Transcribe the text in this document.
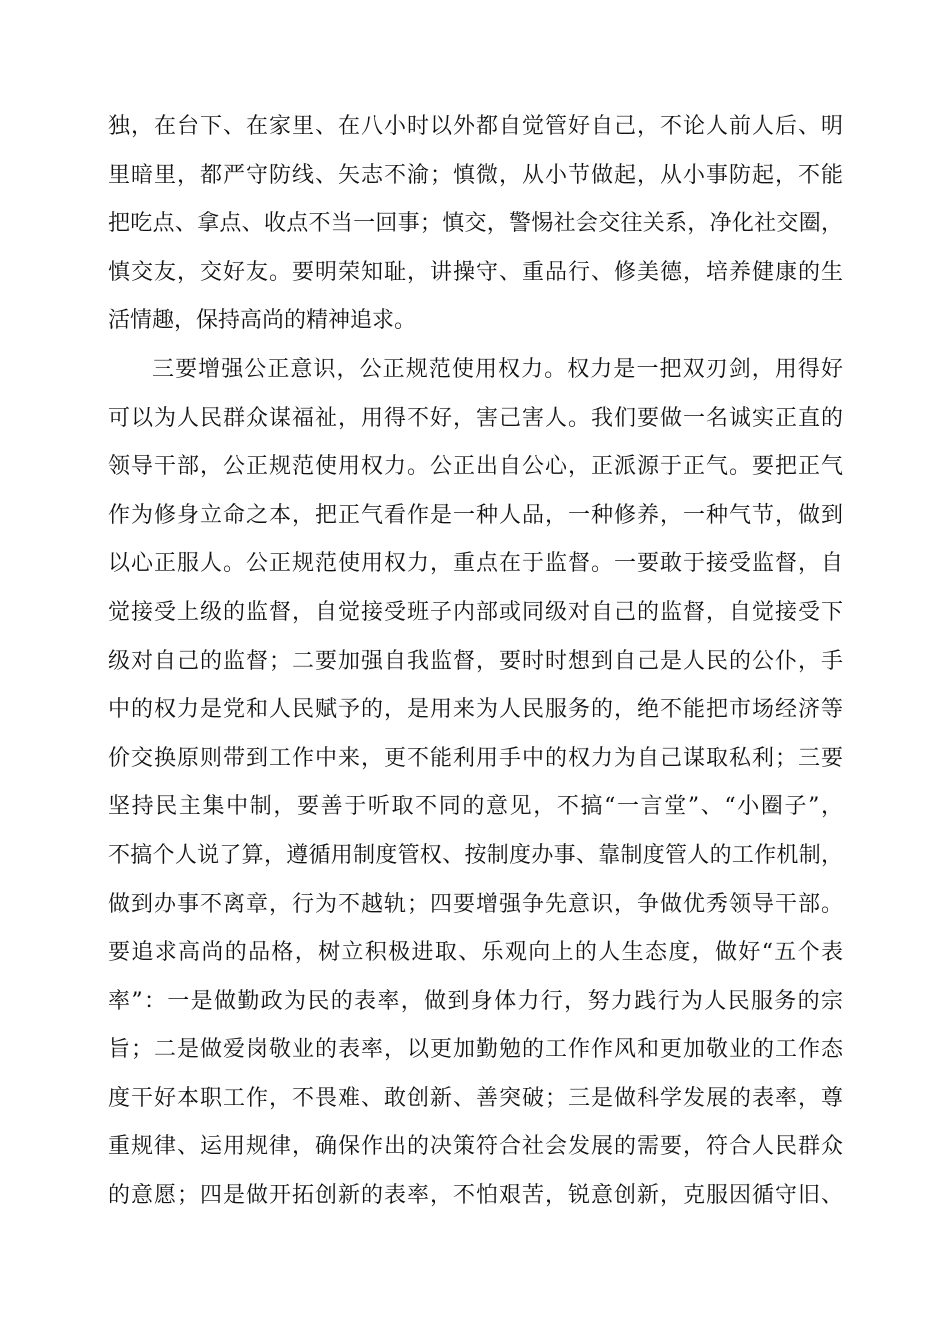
独，在台下、在家里、在八小时以外都自觉管好自己，不论人前人后、明
里暗里，都严守防线、矢志不渝；慎微，从小节做起，从小事防起，不能
把吃点、拿点、收点不当一回事；慎交，警惕社会交往关系，净化社交圈，
慎交友，交好友。要明荣知耻，讲操守、重品行、修美德，培养健康的生
活情趣，保持高尚的精神追求。
三要增强公正意识，公正规范使用权力。权力是一把双刃剑，用得好
可以为人民群众谋福祉，用得不好，害己害人。我们要做一名诚实正直的
领导干部，公正规范使用权力。公正出自公心，正派源于正气。要把正气
作为修身立命之本，把正气看作是一种人品，一种修养，一种气节，做到
以心正服人。公正规范使用权力，重点在于监督。一要敢于接受监督，自
觉接受上级的监督，自觉接受班子内部或同级对自己的监督，自觉接受下
级对自己的监督；二要加强自我监督，要时时想到自己是人民的公仆，手
中的权力是党和人民赋予的，是用来为人民服务的，绝不能把市场经济等
价交换原则带到工作中来，更不能利用手中的权力为自己谋取私利；三要
坚持民主集中制，要善于听取不同的意见，不搞“一言堂”、“小圈子”，
不搞个人说了算，遵循用制度管权、按制度办事、靠制度管人的工作机制，
做到办事不离章，行为不越轨；四要增强争先意识，争做优秀领导干部。
要追求高尚的品格，树立积极进取、乐观向上的人生态度，做好“五个表
率”：一是做勤政为民的表率，做到身体力行，努力践行为人民服务的宗
旨；二是做爱岗敬业的表率，以更加勤勉的工作作风和更加敬业的工作态
度干好本职工作，不畏难、敢创新、善突破；三是做科学发展的表率，尊
重规律、运用规律，确保作出的决策符合社会发展的需要，符合人民群众
的意愿；四是做开拓创新的表率，不怕艰苦，锐意创新，克服因循守旧、
